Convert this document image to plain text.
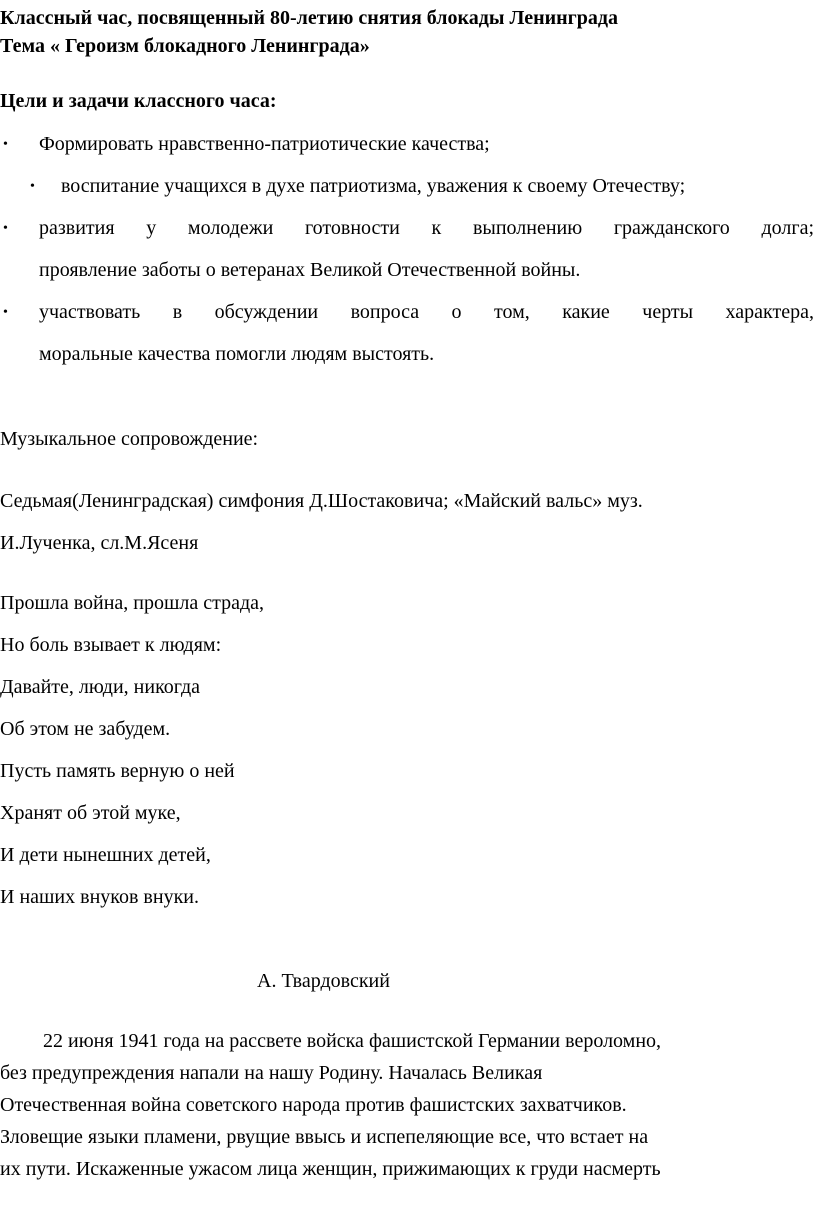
Классный час, посвященный 80-летию снятия блокады Ленинграда
Тема « Героизм блокадного Ленинграда»
Цели и задачи классного часа:
• Формировать нравственно-патриотические качества;
• воспитание учащихся в духе патриотизма, уважения к своему Отечеству;
• развития у молодежи готовности к выполнению гражданского долга;
проявление заботы о ветеранах Великой Отечественной войны.
• участвовать в обсуждении вопроса о том, какие черты характера,
моральные качества помогли людям выстоять.
Музыкальное сопровождение:
Седьмая(Ленинградская) симфония Д.Шостаковича; «Майский вальс» муз.
И.Лученка, сл.М.Ясеня
Прошла война, прошла страда,
Но боль взывает к людям:
Давайте, люди, никогда
Об этом не забудем.
Пусть память верную о ней
Хранят об этой муке,
И дети нынешних детей,
И наших внуков внуки.
А. Твардовский
22 июня 1941 года на рассвете войска фашистской Германии вероломно,
без предупреждения напали на нашу Родину. Началась Великая
Отечественная война советского народа против фашистских захватчиков.
Зловещие языки пламени, рвущие ввысь и испепеляющие все, что встает на
их пути. Искаженные ужасом лица женщин, прижимающих к груди насмерть
